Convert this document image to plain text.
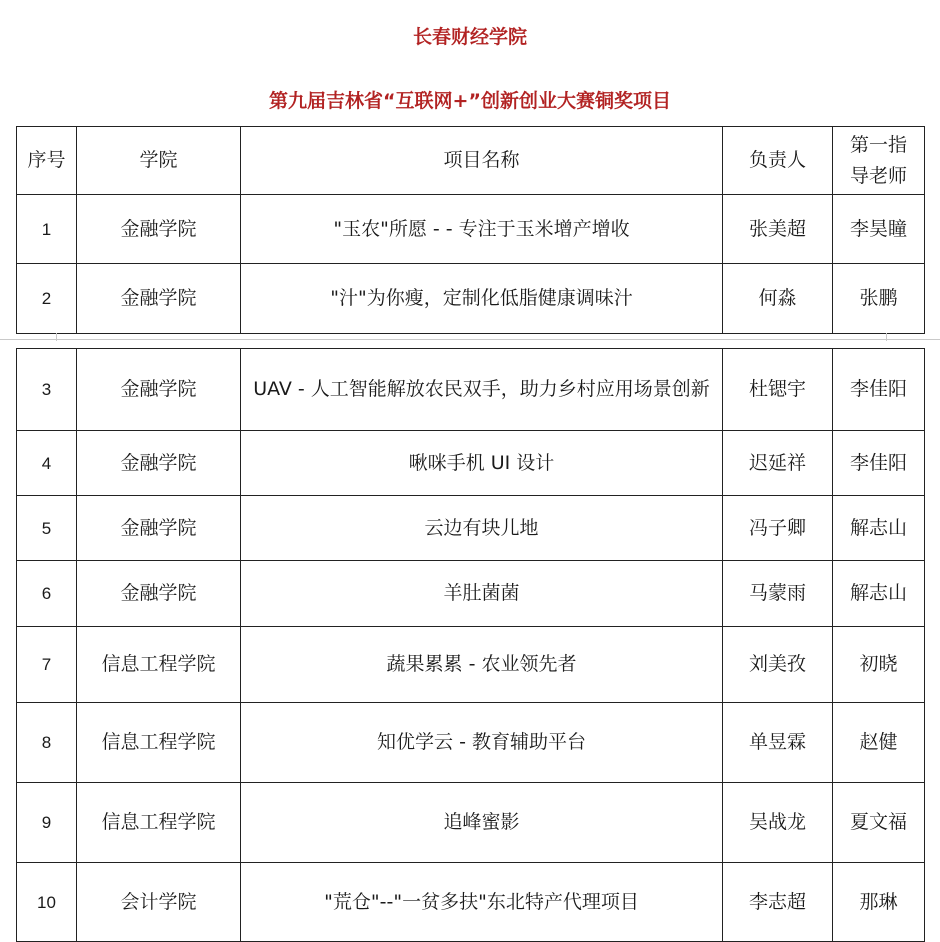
长春财经学院
第九届吉林省“互联网+”创新创业大赛铜奖项目
序号	学院	项目名称	负责人	第一指导老师
1	金融学院	"玉农"所愿 - - 专注于玉米增产增收	张美超	李昊瞳
2	金融学院	"汁"为你瘦，定制化低脂健康调味汁	何淼	张鹏
3	金融学院	UAV - 人工智能解放农民双手，助力乡村应用场景创新	杜锶宇	李佳阳
4	金融学院	啾咪手机 UI 设计	迟延祥	李佳阳
5	金融学院	云边有块儿地	冯子卿	解志山
6	金融学院	羊肚菌菌	马蒙雨	解志山
7	信息工程学院	蔬果累累 - 农业领先者	刘美孜	初晓
8	信息工程学院	知优学云 - 教育辅助平台	单昱霖	赵健
9	信息工程学院	追峰蜜影	吴战龙	夏文福
10	会计学院	"荒仓"--"一贫多扶"东北特产代理项目	李志超	那琳
